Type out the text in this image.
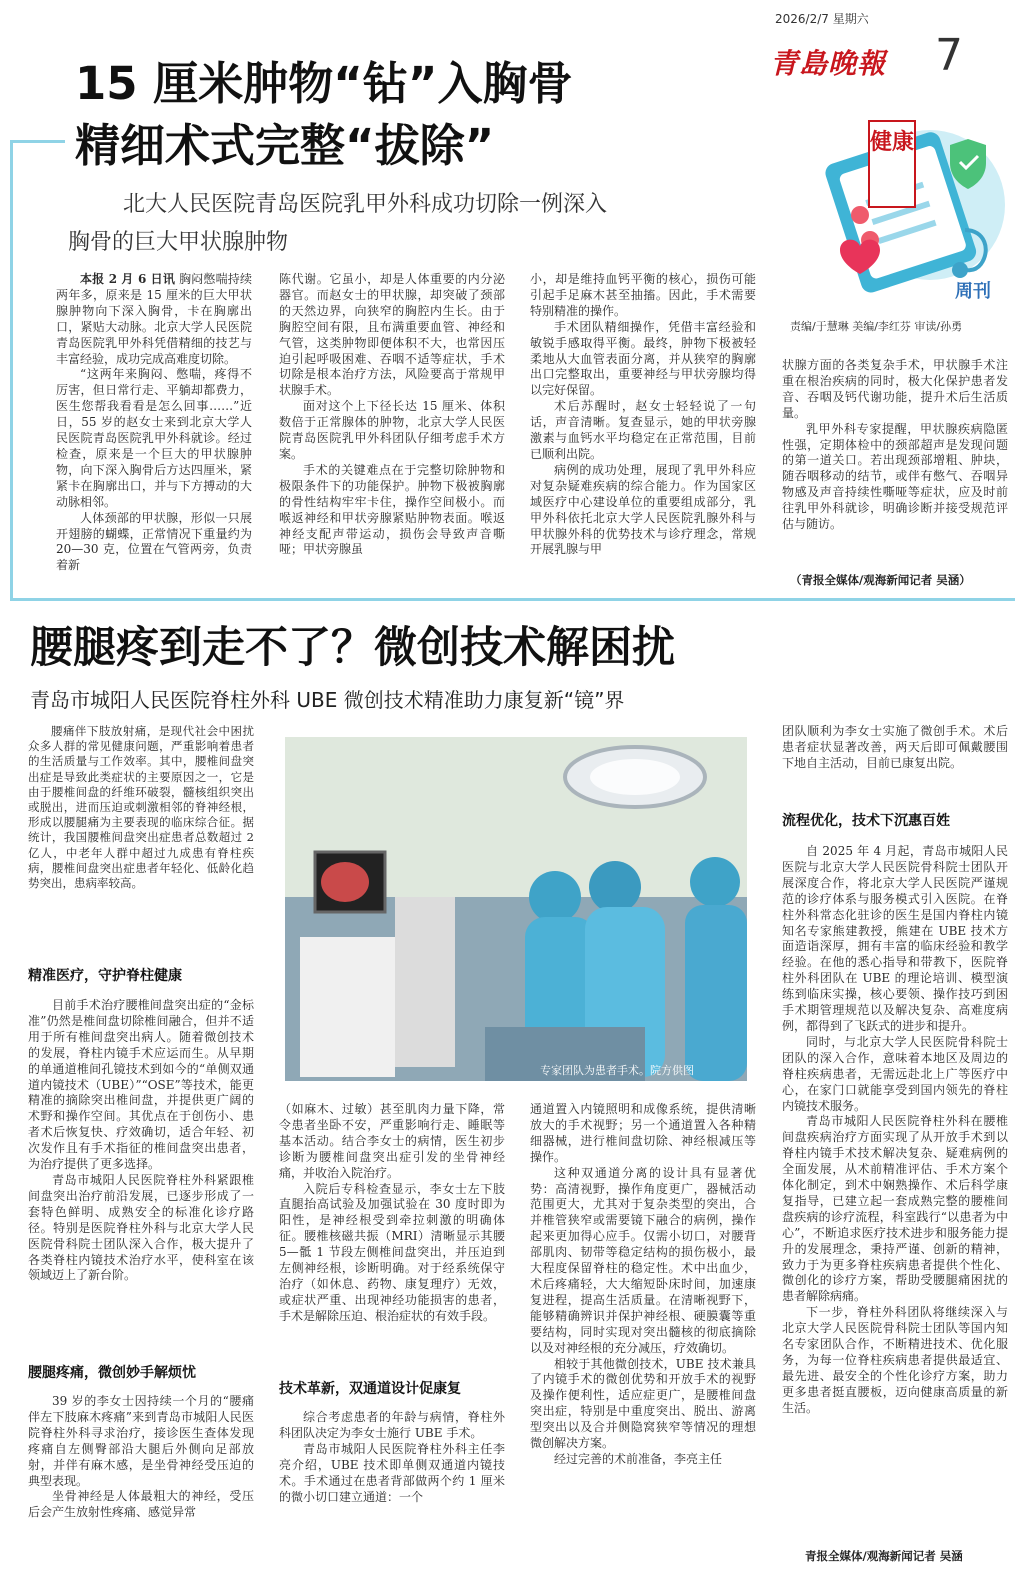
2026/2/7 星期六
青島晚報 7
健康
周刊
责编/于慧琳 美编/李红芬 审读/孙勇
15 厘米肿物“钻”入胸骨
精细术式完整“拔除”
北大人民医院青岛医院乳甲外科成功切除一例深入
胸骨的巨大甲状腺肿物

本报 2 月 6 日讯 胸闷憋喘持续两年多，原来是 15 厘米的巨大甲状腺肿物向下深入胸骨，卡在胸廓出口，紧贴大动脉。北京大学人民医院青岛医院乳甲外科凭借精细的技艺与丰富经验，成功完成高难度切除。

“这两年来胸闷、憋喘，疼得不厉害，但日常行走、平躺却都费力，医生您帮我看看是怎么回事……”近日，55 岁的赵女士来到北京大学人民医院青岛医院乳甲外科就诊。经过检查，原来是一个巨大的甲状腺肿物，向下深入胸骨后方达四厘米，紧紧卡在胸廓出口，并与下方搏动的大动脉相邻。

人体颈部的甲状腺，形似一只展开翅膀的蝴蝶，正常情况下重量约为 20—30 克，位置在气管两旁，负责着新

陈代谢。它虽小，却是人体重要的内分泌器官。而赵女士的甲状腺，却突破了颈部的天然边界，向狭窄的胸腔内生长。由于胸腔空间有限，且布满重要血管、神经和气管，这类肿物即便体积不大，也常因压迫引起呼吸困难、吞咽不适等症状，手术切除是根本治疗方法，风险要高于常规甲状腺手术。

面对这个上下径长达 15 厘米、体积数倍于正常腺体的肿物，北京大学人民医院青岛医院乳甲外科团队仔细考虑手术方案。

手术的关键难点在于完整切除肿物和极限条件下的功能保护。肿物下极被胸廓的骨性结构牢牢卡住，操作空间极小。而喉返神经和甲状旁腺紧贴肿物表面。喉返神经支配声带运动，损伤会导致声音嘶哑；甲状旁腺虽

小，却是维持血钙平衡的核心，损伤可能引起手足麻木甚至抽搐。因此，手术需要特别精准的操作。

手术团队精细操作，凭借丰富经验和敏锐手感取得平衡。最终，肿物下极被轻柔地从大血管表面分离，并从狭窄的胸廓出口完整取出，重要神经与甲状旁腺均得以完好保留。

术后苏醒时，赵女士轻轻说了一句话，声音清晰。复查显示，她的甲状旁腺激素与血钙水平均稳定在正常范围，目前已顺利出院。

病例的成功处理，展现了乳甲外科应对复杂疑难疾病的综合能力。作为国家区域医疗中心建设单位的重要组成部分，乳甲外科依托北京大学人民医院乳腺外科与甲状腺外科的优势技术与诊疗理念，常规开展乳腺与甲

状腺方面的各类复杂手术，甲状腺手术注重在根治疾病的同时，极大化保护患者发音、吞咽及钙代谢功能，提升术后生活质量。

乳甲外科专家提醒，甲状腺疾病隐匿性强，定期体检中的颈部超声是发现问题的第一道关口。若出现颈部增粗、肿块，随吞咽移动的结节，或伴有憋气、吞咽异物感及声音持续性嘶哑等症状，应及时前往乳甲外科就诊，明确诊断并接受规范评估与随访。

（青报全媒体/观海新闻记者 吴涵）
腰腿疼到走不了？微创技术解困扰
青岛市城阳人民医院脊柱外科 UBE 微创技术精准助力康复新“镜”界

腰痛伴下肢放射痛，是现代社会中困扰众多人群的常见健康问题，严重影响着患者的生活质量与工作效率。其中，腰椎间盘突出症是导致此类症状的主要原因之一，它是由于腰椎间盘的纤维环破裂，髓核组织突出或脱出，进而压迫或刺激相邻的脊神经根，形成以腰腿痛为主要表现的临床综合征。据统计，我国腰椎间盘突出症患者总数超过 2 亿人，中老年人群中超过九成患有脊柱疾病，腰椎间盘突出症患者年轻化、低龄化趋势突出，患病率较高。

精准医疗，守护脊柱健康

目前手术治疗腰椎间盘突出症的“金标准”仍然是椎间盘切除椎间融合，但并不适用于所有椎间盘突出病人。随着微创技术的发展，脊柱内镜手术应运而生。从早期的单通道椎间孔镜技术到如今的“单侧双通道内镜技术（UBE）”“OSE”等技术，能更精准的摘除突出椎间盘，并提供更广阔的术野和操作空间。其优点在于创伤小、患者术后恢复快、疗效确切，适合年轻、初次发作且有手术指征的椎间盘突出患者，为治疗提供了更多选择。

青岛市城阳人民医院脊柱外科紧跟椎间盘突出治疗前沿发展，已逐步形成了一套特色鲜明、成熟安全的标准化诊疗路径。特别是医院脊柱外科与北京大学人民医院骨科院士团队深入合作，极大提升了各类脊柱内镜技术治疗水平，使科室在该领域迈上了新台阶。

腰腿疼痛，微创妙手解烦忧

39 岁的李女士因持续一个月的“腰痛伴左下肢麻木疼痛”来到青岛市城阳人民医院脊柱外科寻求治疗，接诊医生查体发现疼痛自左侧臀部沿大腿后外侧向足部放射，并伴有麻木感，是坐骨神经受压迫的典型表现。

坐骨神经是人体最粗大的神经，受压后会产生放射性疼痛、感觉异常

专家团队为患者手术。院方供图

（如麻木、过敏）甚至肌肉力量下降，常令患者坐卧不安，严重影响行走、睡眠等基本活动。结合李女士的病情，医生初步诊断为腰椎间盘突出症引发的坐骨神经痛，并收治入院治疗。

入院后专科检查显示，李女士左下肢直腿抬高试验及加强试验在 30 度时即为阳性，是神经根受到牵拉刺激的明确体征。腰椎核磁共振（MRI）清晰显示其腰 5—骶 1 节段左侧椎间盘突出，并压迫到左侧神经根，诊断明确。对于经系统保守治疗（如休息、药物、康复理疗）无效，或症状严重、出现神经功能损害的患者，手术是解除压迫、根治症状的有效手段。

技术革新，双通道设计促康复

综合考虑患者的年龄与病情，脊柱外科团队决定为李女士施行 UBE 手术。

青岛市城阳人民医院脊柱外科主任李亮介绍，UBE 技术即单侧双通道内镜技术。手术通过在患者背部做两个约 1 厘米的微小切口建立通道：一个

通道置入内镜照明和成像系统，提供清晰放大的手术视野；另一个通道置入各种精细器械，进行椎间盘切除、神经根减压等操作。

这种双通道分离的设计具有显著优势：高清视野，操作角度更广，器械活动范围更大，尤其对于复杂类型的突出，合并椎管狭窄或需要镜下融合的病例，操作起来更加得心应手。仅需小切口，对腰背部肌肉、韧带等稳定结构的损伤极小，最大程度保留脊柱的稳定性。术中出血少，术后疼痛轻，大大缩短卧床时间，加速康复进程，提高生活质量。在清晰视野下，能够精确辨识并保护神经根、硬膜囊等重要结构，同时实现对突出髓核的彻底摘除以及对神经根的充分减压，疗效确切。

相较于其他微创技术，UBE 技术兼具了内镜手术的微创优势和开放手术的视野及操作便利性，适应症更广，是腰椎间盘突出症，特别是中重度突出、脱出、游离型突出以及合并侧隐窝狭窄等情况的理想微创解决方案。

经过完善的术前准备，李亮主任

团队顺利为李女士实施了微创手术。术后患者症状显著改善，两天后即可佩戴腰围下地自主活动，目前已康复出院。

流程优化，技术下沉惠百姓

自 2025 年 4 月起，青岛市城阳人民医院与北京大学人民医院骨科院士团队开展深度合作，将北京大学人民医院严谨规范的诊疗体系与服务模式引入医院。在脊柱外科常态化驻诊的医生是国内脊柱内镜知名专家熊建教授，熊建在 UBE 技术方面造诣深厚，拥有丰富的临床经验和教学经验。在他的悉心指导和带教下，医院脊柱外科团队在 UBE 的理论培训、模型演练到临床实操，核心要领、操作技巧到困手术期管理规范以及解决复杂、高难度病例，都得到了飞跃式的进步和提升。

同时，与北京大学人民医院骨科院士团队的深入合作，意味着本地区及周边的脊柱疾病患者，无需远赴北上广等医疗中心，在家门口就能享受到国内领先的脊柱内镜技术服务。

青岛市城阳人民医院脊柱外科在腰椎间盘疾病治疗方面实现了从开放手术到以脊柱内镜手术技术解决复杂、疑难病例的全面发展，从术前精准评估、手术方案个体化制定，到术中娴熟操作、术后科学康复指导，已建立起一套成熟完整的腰椎间盘疾病的诊疗流程，科室践行“以患者为中心”，不断追求医疗技术进步和服务能力提升的发展理念，秉持严谨、创新的精神，致力于为更多脊柱疾病患者提供个性化、微创化的诊疗方案，帮助受腰腿痛困扰的患者解除病痛。

下一步，脊柱外科团队将继续深入与北京大学人民医院骨科院士团队等国内知名专家团队合作，不断精进技术、优化服务，为每一位脊柱疾病患者提供最适宜、最先进、最安全的个性化诊疗方案，助力更多患者挺直腰板，迈向健康高质量的新生活。

青报全媒体/观海新闻记者 吴涵
